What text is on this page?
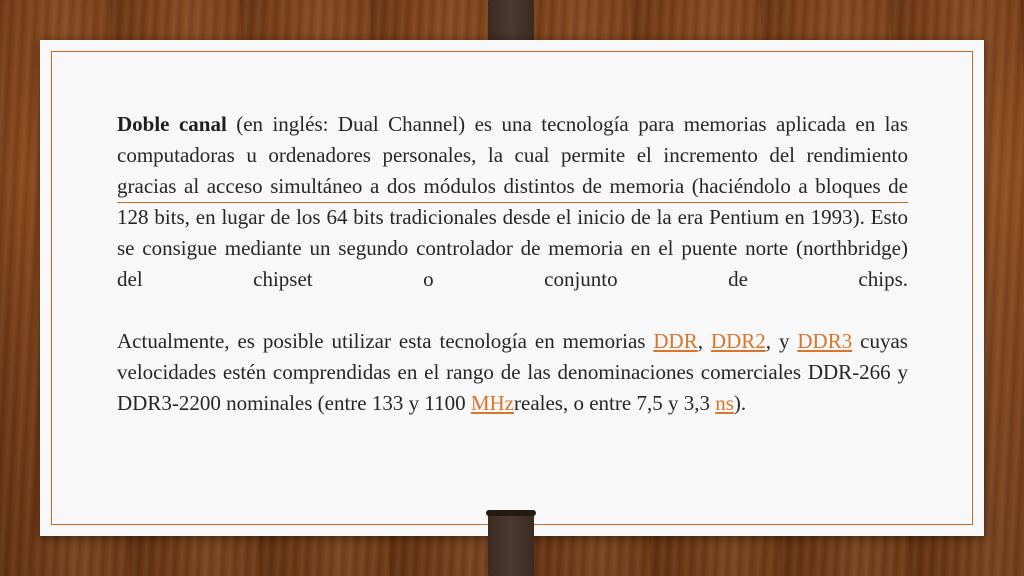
Doble canal (en inglés: Dual Channel) es una tecnología para memorias aplicada en las computadoras u ordenadores personales, la cual permite el incremento del rendimiento gracias al acceso simultáneo a dos módulos distintos de memoria (haciéndolo a bloques de 128 bits, en lugar de los 64 bits tradicionales desde el inicio de la era Pentium en 1993). Esto se consigue mediante un segundo controlador de memoria en el puente norte (northbridge) del chipset o conjunto de chips.

Actualmente, es posible utilizar esta tecnología en memorias DDR, DDR2, y DDR3 cuyas velocidades estén comprendidas en el rango de las denominaciones comerciales DDR-266 y DDR3-2200 nominales (entre 133 y 1100 MHzreales, o entre 7,5 y 3,3 ns).
